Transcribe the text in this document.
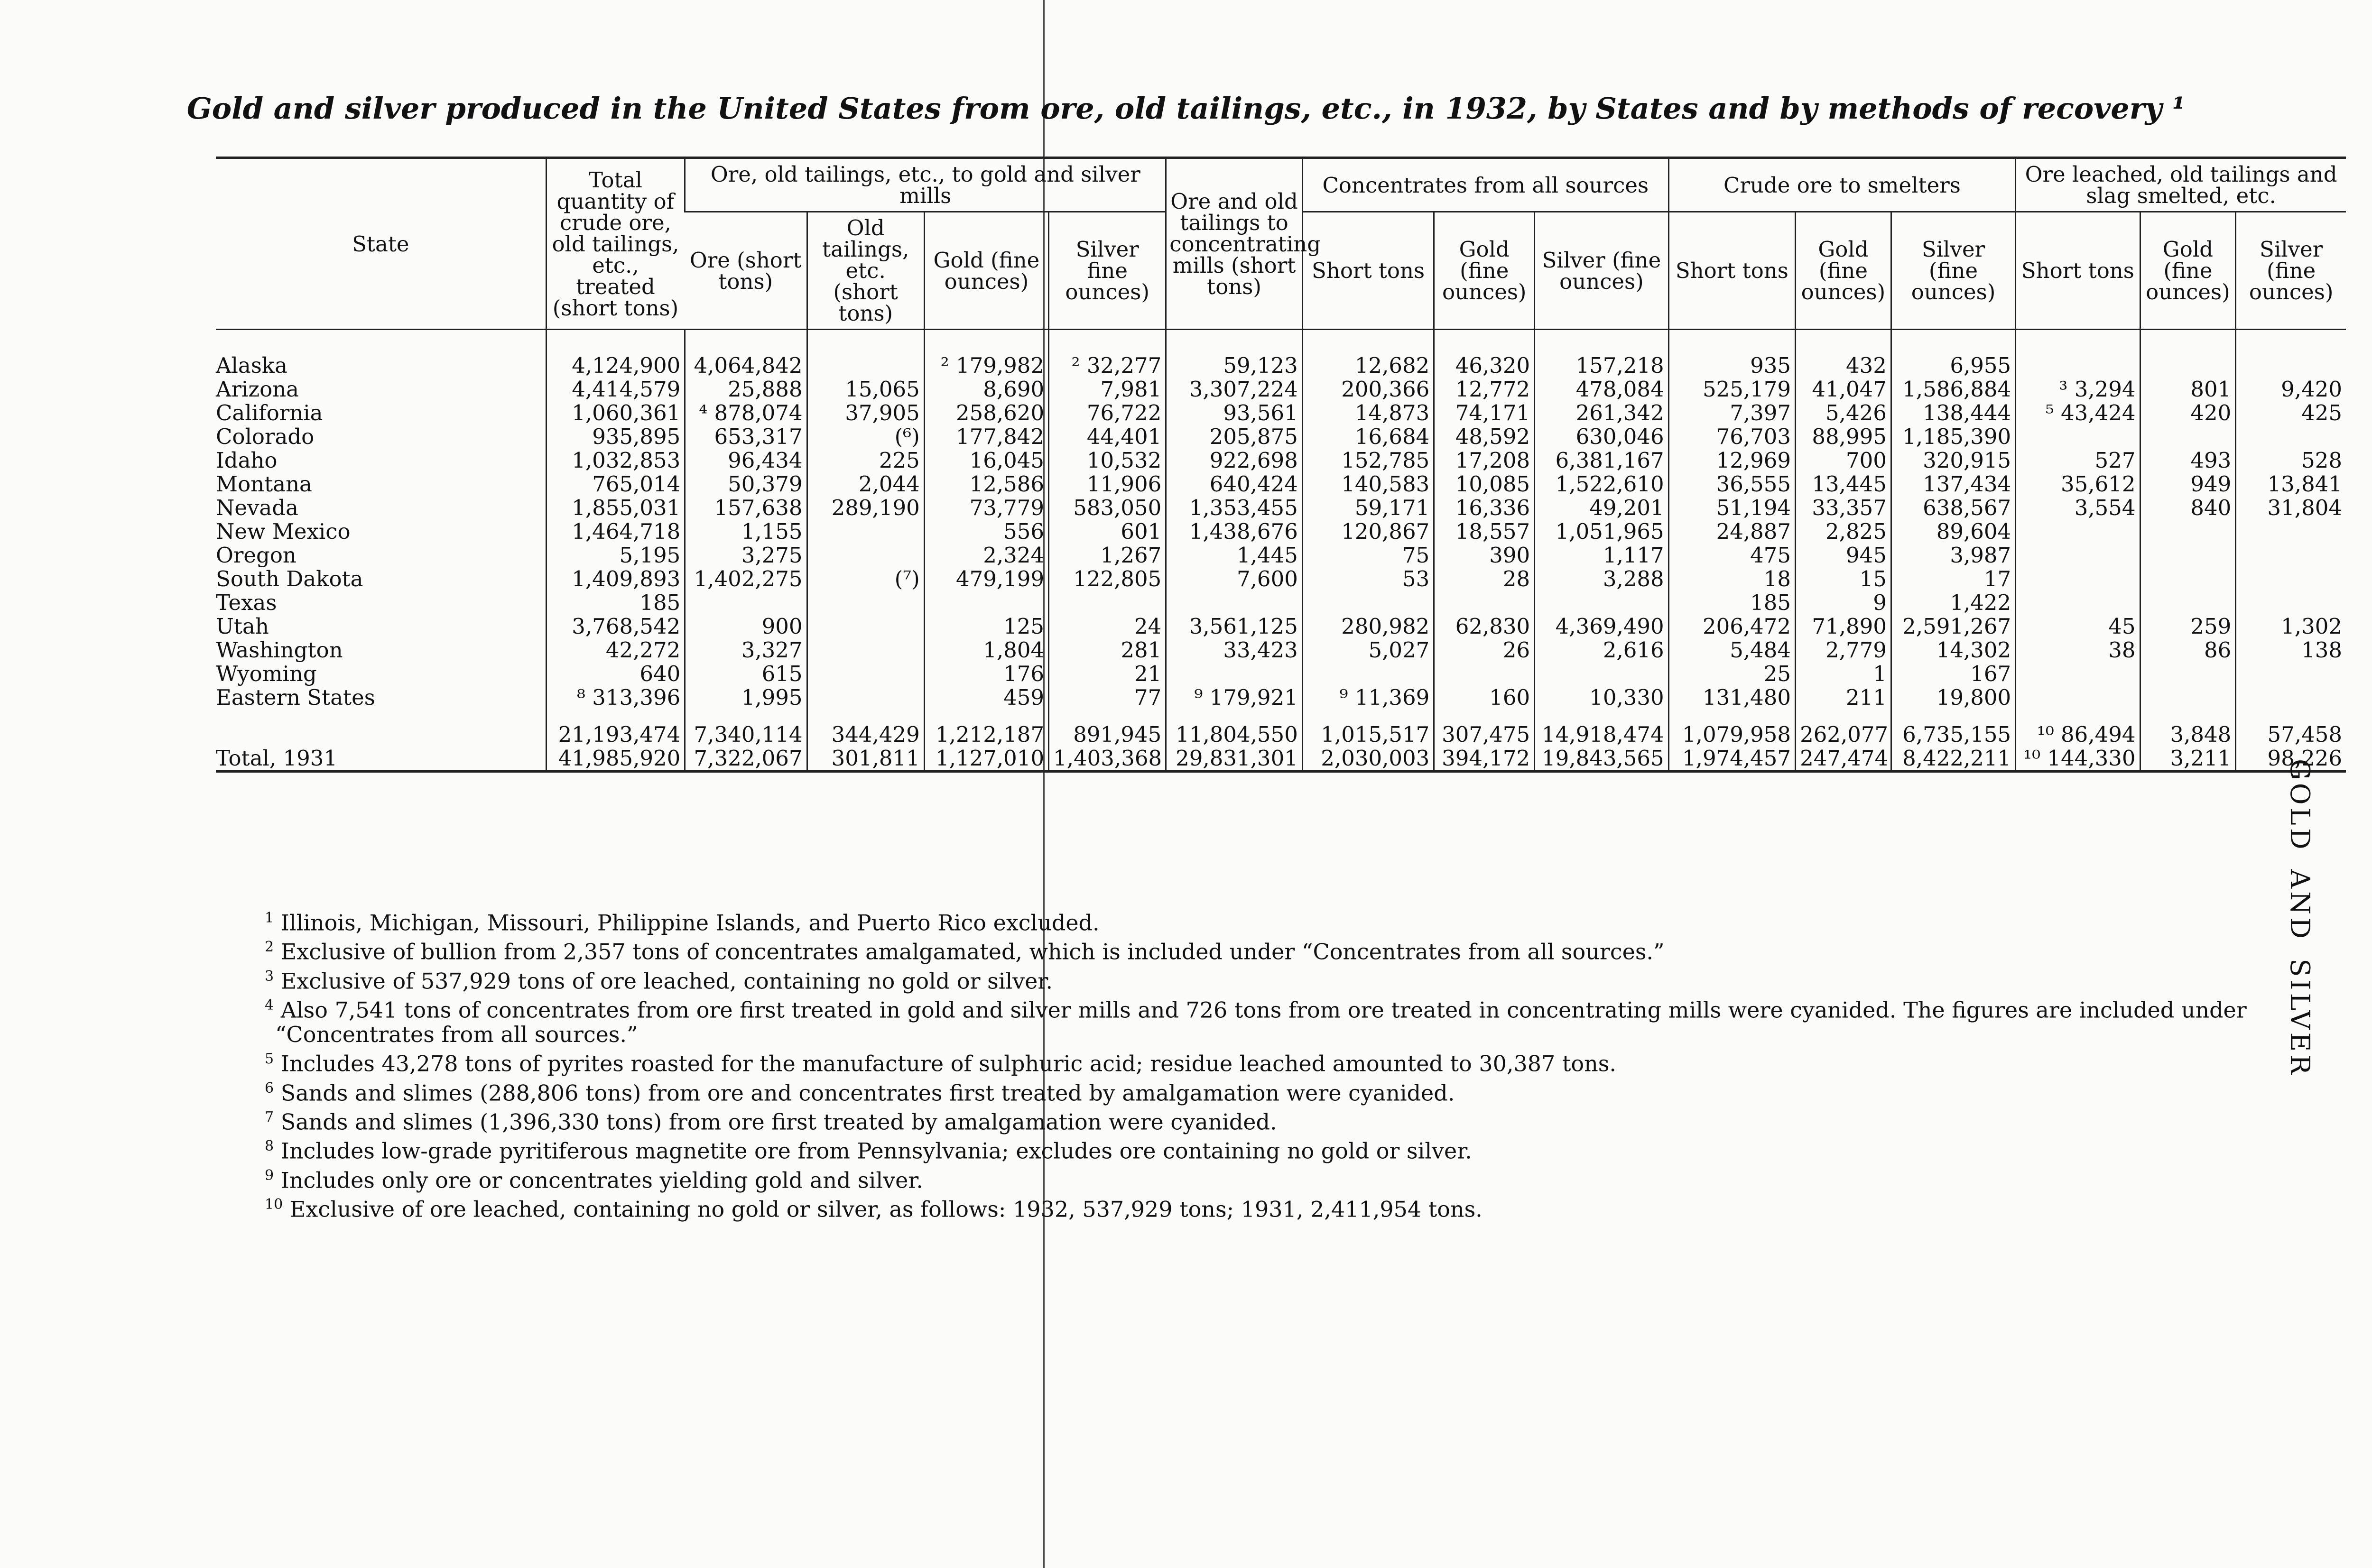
Gold and silver produced in the United States from ore, old tailings, etc., in 1932, by States and by methods of recovery ¹
State	Total quantity of crude ore, old tailings, etc., treated (short tons)	Ore, old tailings, etc., to gold and silver mills				Ore and old tailings to concentrating mills (short tons)	Concentrates from all sources			Crude ore to smelters			Ore leached, old tailings and slag smelted, etc.		
		Ore (short tons)	Old tailings, etc. (short tons)	Gold (fine ounces)	Silver fine ounces)		Short tons	Gold (fine ounces)	Silver (fine ounces)	Short tons	Gold (fine ounces)	Silver (fine ounces)	Short tons	Gold (fine ounces)	Silver (fine ounces)

Alaska	4,124,900	4,064,842		² 179,982	² 32,277	59,123	12,682	46,320	157,218	935	432	6,955			
Arizona	4,414,579	25,888	15,065	8,690	7,981	3,307,224	200,366	12,772	478,084	525,179	41,047	1,586,884	³ 3,294	801	9,420
California	1,060,361	⁴ 878,074	37,905	258,620	76,722	93,561	14,873	74,171	261,342	7,397	5,426	138,444	⁵ 43,424	420	425
Colorado	935,895	653,317	(⁶)	177,842	44,401	205,875	16,684	48,592	630,046	76,703	88,995	1,185,390			
Idaho	1,032,853	96,434	225	16,045	10,532	922,698	152,785	17,208	6,381,167	12,969	700	320,915	527	493	528
Montana	765,014	50,379	2,044	12,586	11,906	640,424	140,583	10,085	1,522,610	36,555	13,445	137,434	35,612	949	13,841
Nevada	1,855,031	157,638	289,190	73,779	583,050	1,353,455	59,171	16,336	49,201	51,194	33,357	638,567	3,554	840	31,804
New Mexico	1,464,718	1,155		556	601	1,438,676	120,867	18,557	1,051,965	24,887	2,825	89,604			
Oregon	5,195	3,275		2,324	1,267	1,445	75	390	1,117	475	945	3,987			
South Dakota	1,409,893	1,402,275	(⁷)	479,199	122,805	7,600	53	28	3,288	18	15	17			
Texas	185									185	9	1,422			
Utah	3,768,542	900		125	24	3,561,125	280,982	62,830	4,369,490	206,472	71,890	2,591,267	45	259	1,302
Washington	42,272	3,327		1,804	281	33,423	5,027	26	2,616	5,484	2,779	14,302	38	86	138
Wyoming	640	615		176	21					25	1	167			
Eastern States	⁸ 313,396	1,995		459	77	⁹ 179,921	⁹ 11,369	160	10,330	131,480	211	19,800			

	21,193,474	7,340,114	344,429	1,212,187	891,945	11,804,550	1,015,517	307,475	14,918,474	1,079,958	262,077	6,735,155	¹⁰ 86,494	3,848	57,458
Total, 1931	41,985,920	7,322,067	301,811	1,127,010	1,403,368	29,831,301	2,030,003	394,172	19,843,565	1,974,457	247,474	8,422,211	¹⁰ 144,330	3,211	98,226
$^1$ Illinois, Michigan, Missouri, Philippine Islands, and Puerto Rico excluded.
$^2$ Exclusive of bullion from 2,357 tons of concentrates amalgamated, which is included under “Concentrates from all sources.”
$^3$ Exclusive of 537,929 tons of ore leached, containing no gold or silver.
$^4$ Also 7,541 tons of concentrates from ore first treated in gold and silver mills and 726 tons from ore treated in concentrating mills were cyanided. The figures are included under “Concentrates from all sources.”
$^5$ Includes 43,278 tons of pyrites roasted for the manufacture of sulphuric acid; residue leached amounted to 30,387 tons.
$^6$ Sands and slimes (288,806 tons) from ore and concentrates first treated by amalgamation were cyanided.
$^7$ Sands and slimes (1,396,330 tons) from ore first treated by amalgamation were cyanided.
$^8$ Includes low-grade pyritiferous magnetite ore from Pennsylvania; excludes ore containing no gold or silver.
$^9$ Includes only ore or concentrates yielding gold and silver.
$^{10}$ Exclusive of ore leached, containing no gold or silver, as follows: 1932, 537,929 tons; 1931, 2,411,954 tons.
GOLD
AND
SILVER
